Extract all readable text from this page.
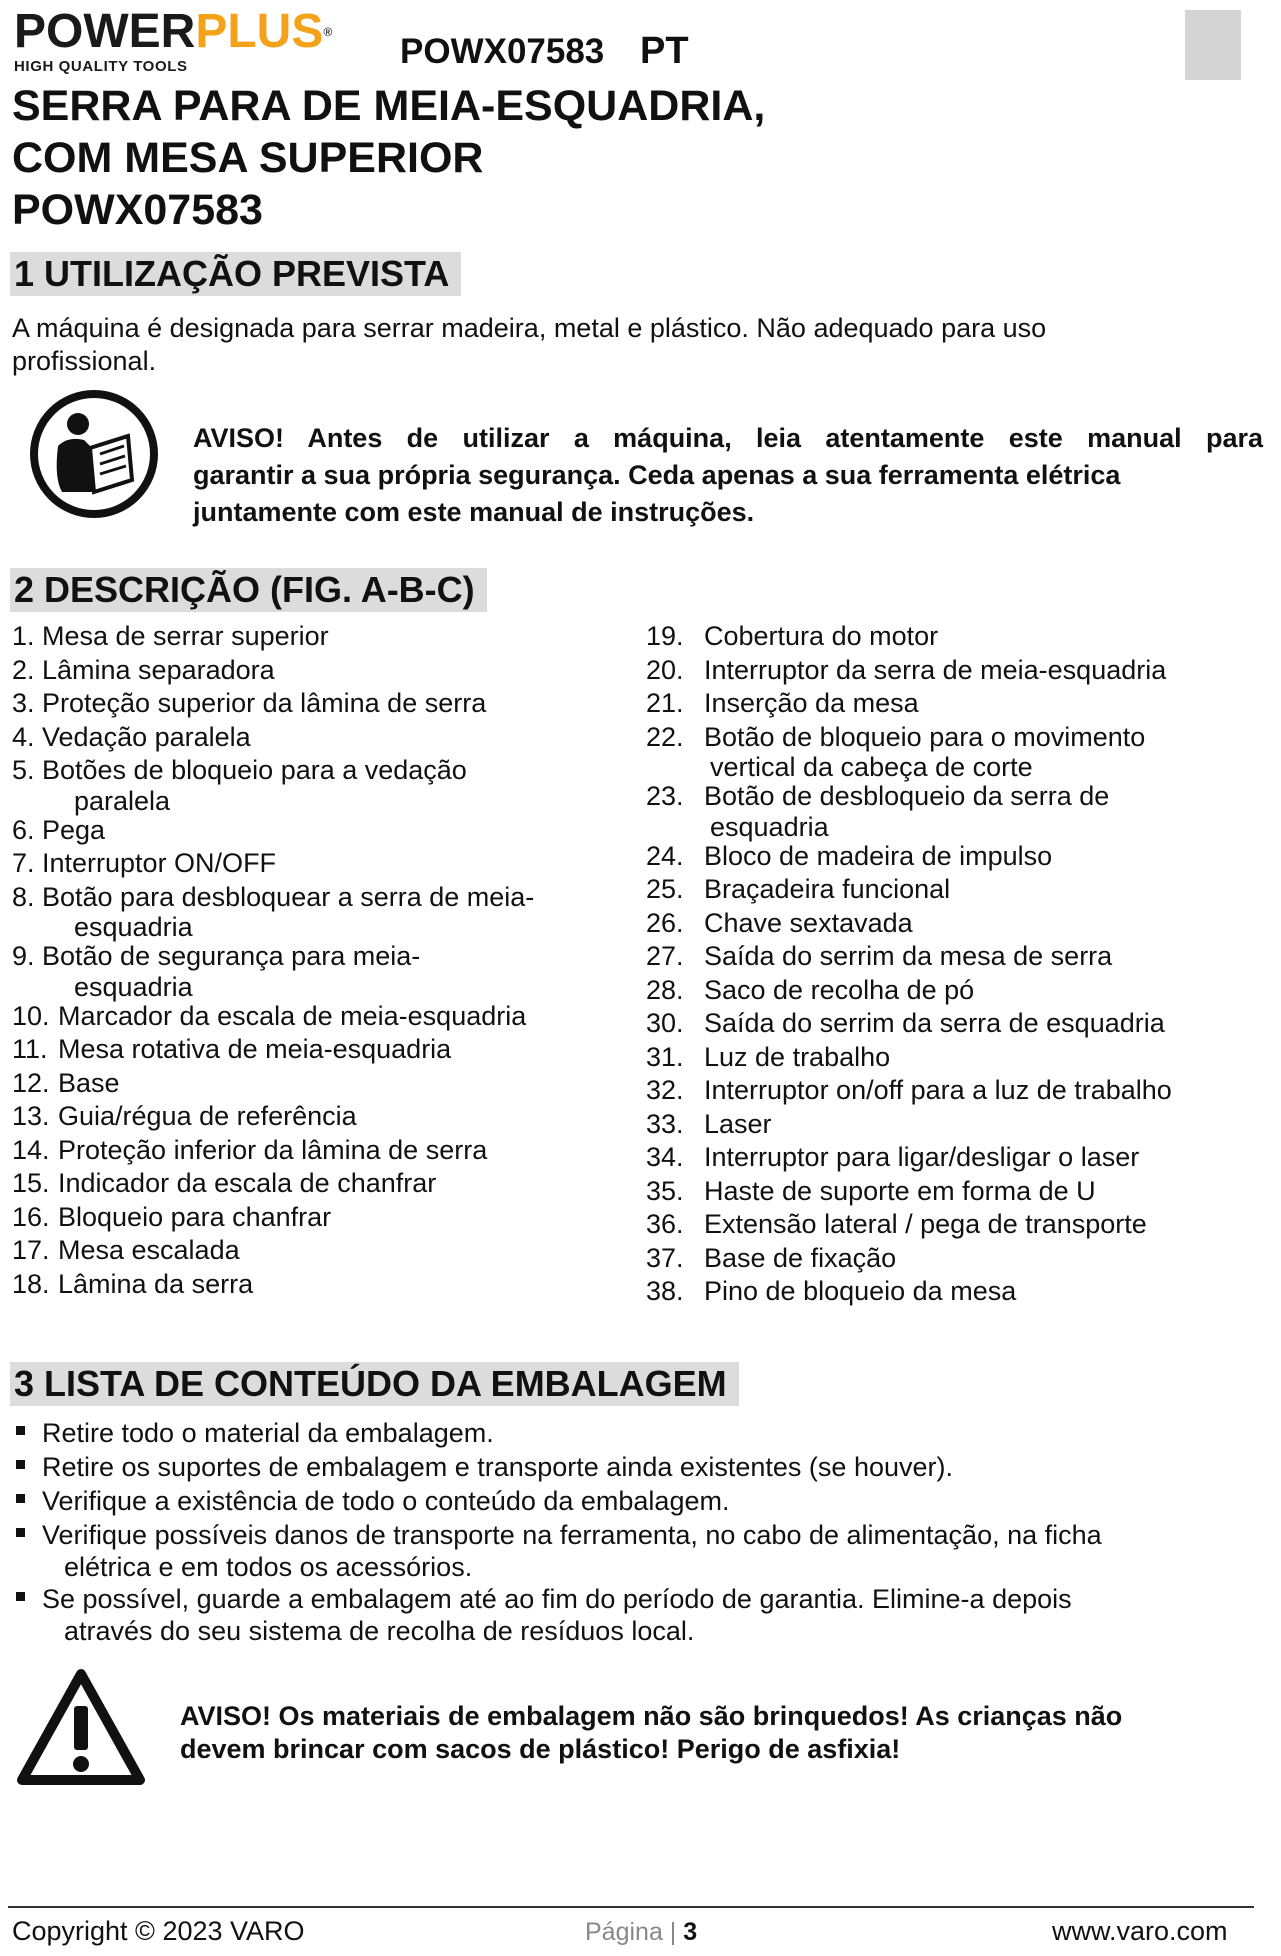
POWERPLUS®
HIGH QUALITY TOOLS	POWX07583 PT
SERRA PARA DE MEIA-ESQUADRIA,
COM MESA SUPERIOR
POWX07583
1 UTILIZAÇÃO PREVISTA

A máquina é designada para serrar madeira, metal e plástico. Não adequado para uso
profissional.

AVISO! Antes de utilizar a máquina, leia atentamente este manual para
garantir a sua própria segurança. Ceda apenas a sua ferramenta elétrica
juntamente com este manual de instruções.

2 DESCRIÇÃO (FIG. A-B-C)
1. Mesa de serrar superior
2. Lâmina separadora
3. Proteção superior da lâmina de serra
4. Vedação paralela
5. Botões de bloqueio para a vedação
paralela
6. Pega
7. Interruptor ON/OFF
8. Botão para desbloquear a serra de meia-
esquadria
9. Botão de segurança para meia-
esquadria
10. Marcador da escala de meia-esquadria
11. Mesa rotativa de meia-esquadria
12. Base
13. Guia/régua de referência
14. Proteção inferior da lâmina de serra
15. Indicador da escala de chanfrar
16. Bloqueio para chanfrar
17. Mesa escalada
18. Lâmina da serra
19. Cobertura do motor
20. Interruptor da serra de meia-esquadria
21. Inserção da mesa
22. Botão de bloqueio para o movimento
vertical da cabeça de corte
23. Botão de desbloqueio da serra de
esquadria
24. Bloco de madeira de impulso
25. Braçadeira funcional
26. Chave sextavada
27. Saída do serrim da mesa de serra
28. Saco de recolha de pó
30. Saída do serrim da serra de esquadria
31. Luz de trabalho
32. Interruptor on/off para a luz de trabalho
33. Laser
34. Interruptor para ligar/desligar o laser
35. Haste de suporte em forma de U
36. Extensão lateral / pega de transporte
37. Base de fixação
38. Pino de bloqueio da mesa
3 LISTA DE CONTEÚDO DA EMBALAGEM
Retire todo o material da embalagem.
Retire os suportes de embalagem e transporte ainda existentes (se houver).
Verifique a existência de todo o conteúdo da embalagem.
Verifique possíveis danos de transporte na ferramenta, no cabo de alimentação, na ficha
elétrica e em todos os acessórios.
Se possível, guarde a embalagem até ao fim do período de garantia. Elimine-a depois
através do seu sistema de recolha de resíduos local.

AVISO! Os materiais de embalagem não são brinquedos! As crianças não
devem brincar com sacos de plástico! Perigo de asfixia!

Copyright © 2023 VARO	Página | 3	www.varo.com
